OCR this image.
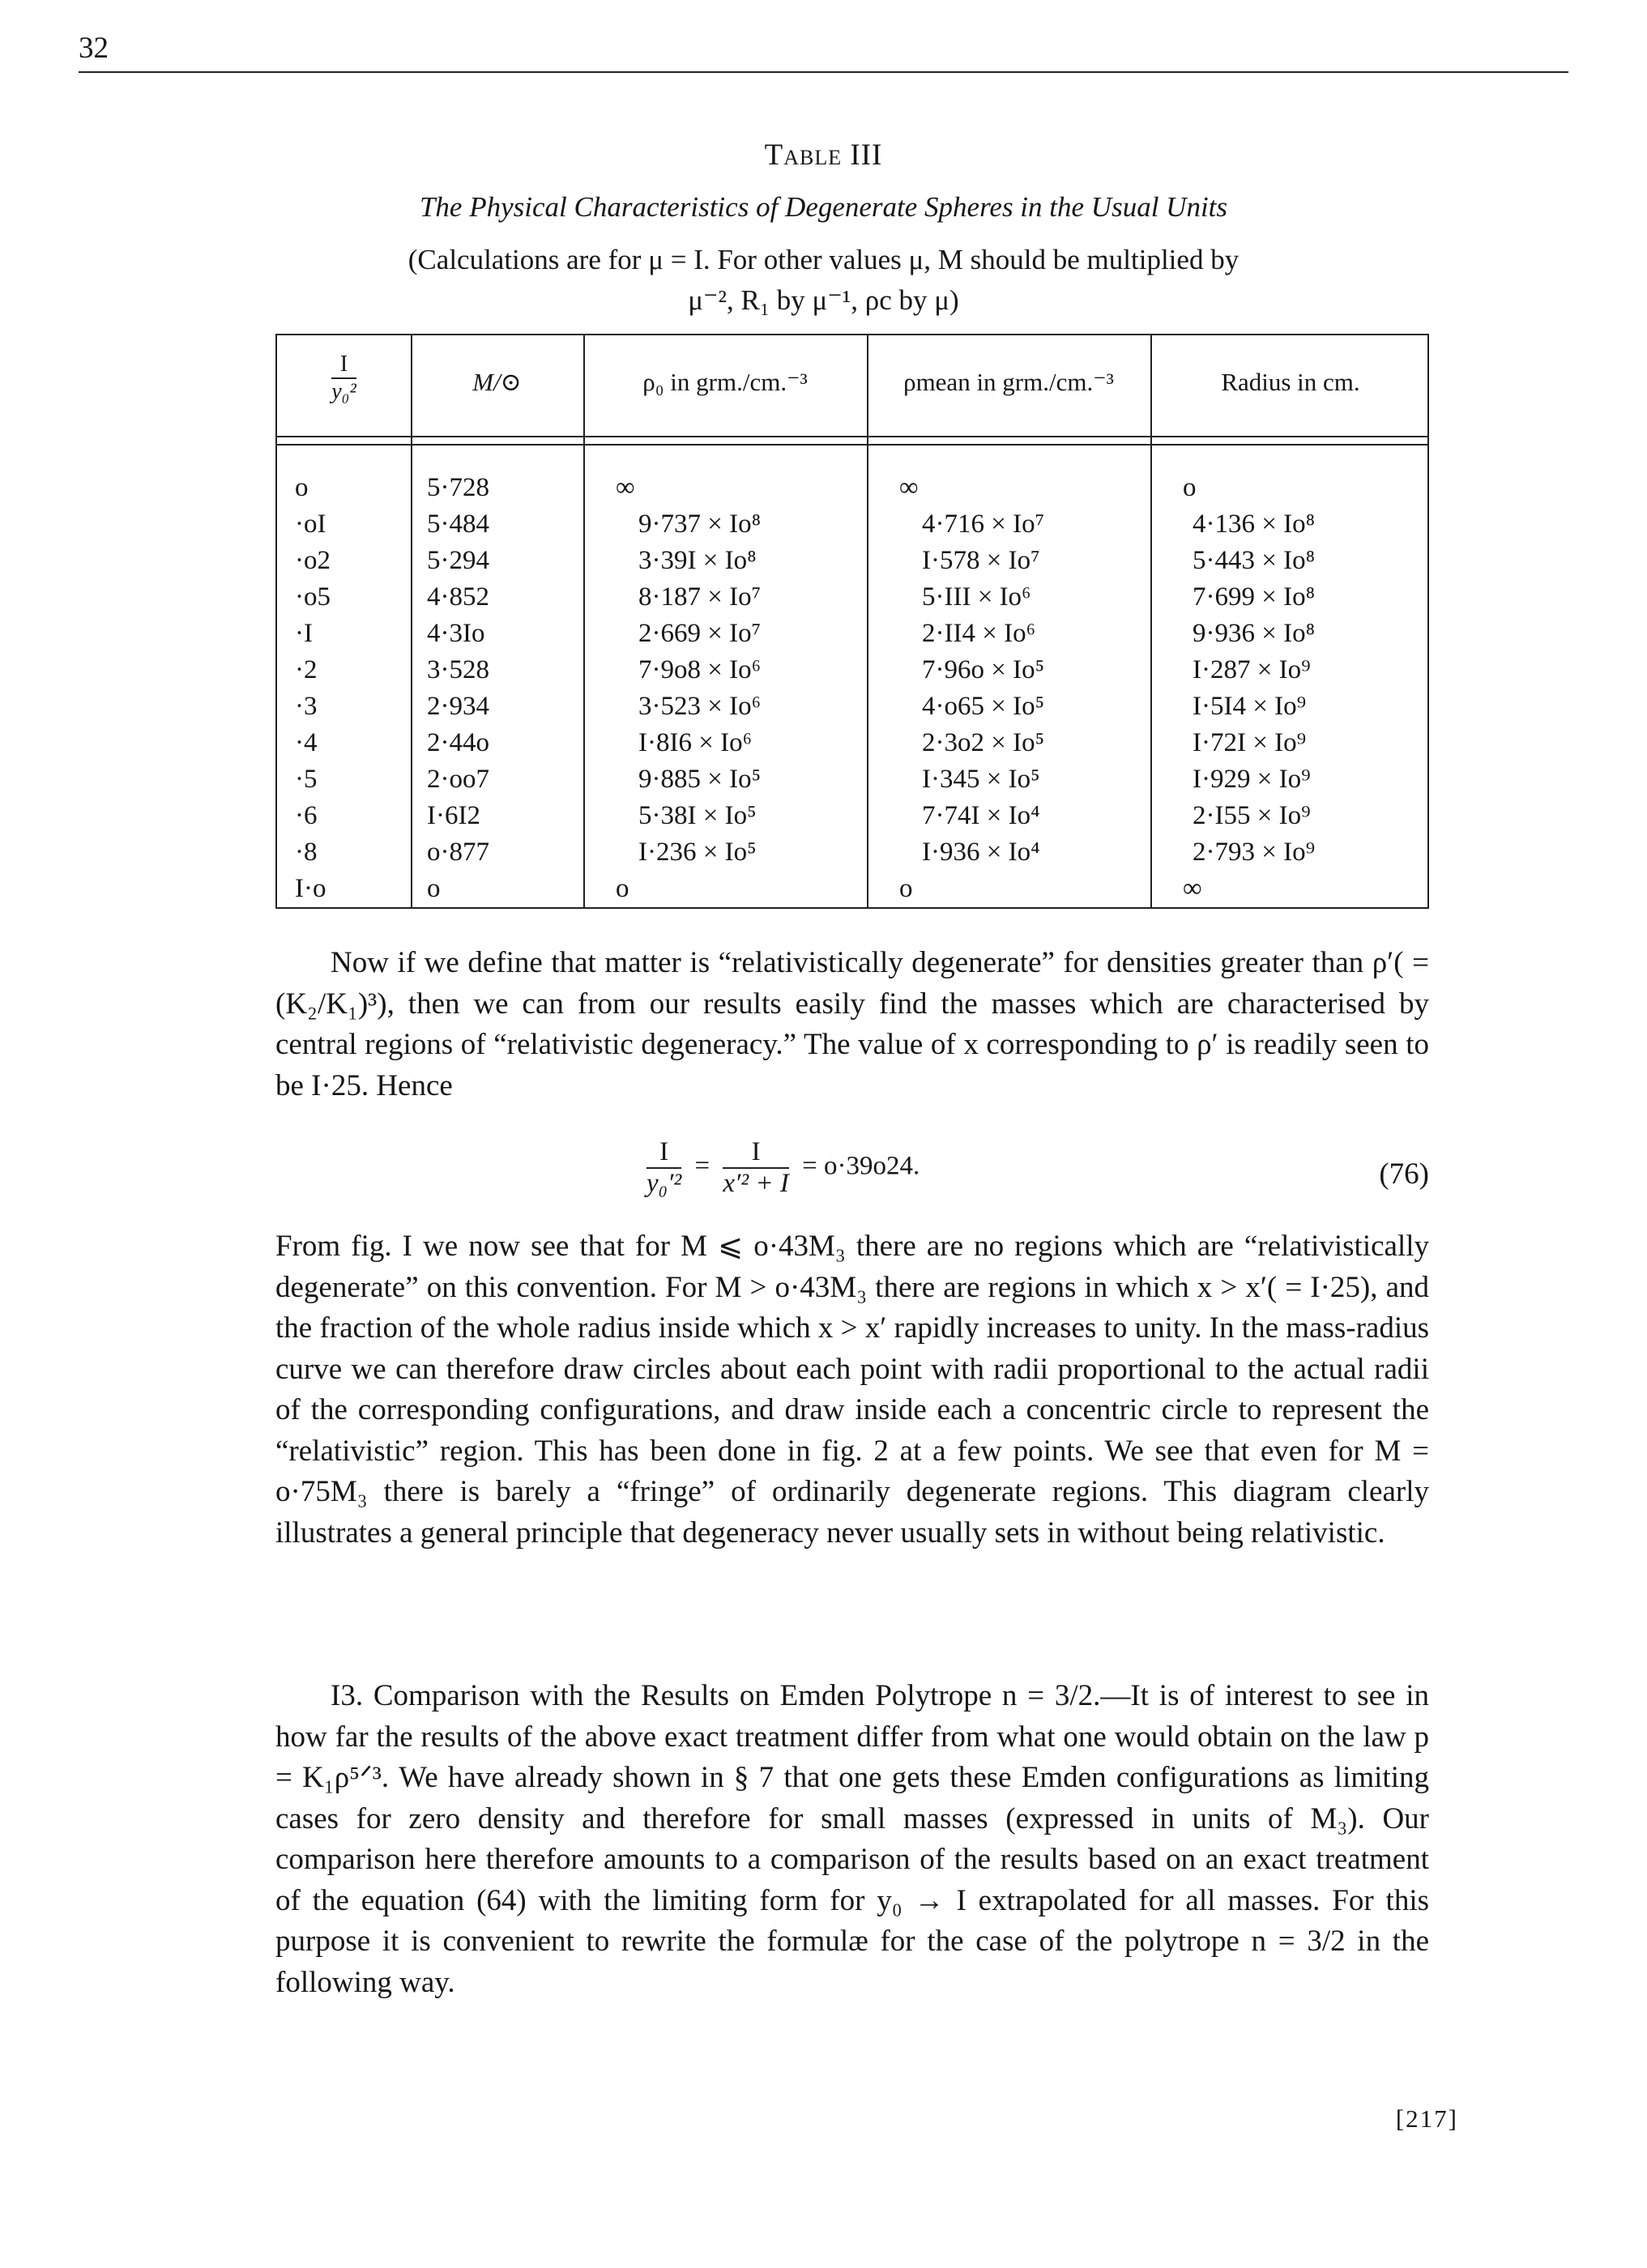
32
Table III
The Physical Characteristics of Degenerate Spheres in the Usual Units
(Calculations are for μ = I. For other values μ, M should be multiplied by
μ⁻², R₁ by μ⁻¹, ρc by μ)
$\frac{I}{\text{y₀²}}$	M/⊙	ρ₀ in grm./cm.⁻³	ρmean in grm./cm.⁻³	Radius in cm.
o	5·728	∞	∞	o
·oI	5·484	9·737 × Io⁸	4·716 × Io⁷	4·136 × Io⁸
·o2	5·294	3·39I × Io⁸	I·578 × Io⁷	5·443 × Io⁸
·o5	4·852	8·187 × Io⁷	5·III × Io⁶	7·699 × Io⁸
·I	4·3Io	2·669 × Io⁷	2·II4 × Io⁶	9·936 × Io⁸
·2	3·528	7·9o8 × Io⁶	7·96o × Io⁵	I·287 × Io⁹
·3	2·934	3·523 × Io⁶	4·o65 × Io⁵	I·5I4 × Io⁹
·4	2·44o	I·8I6 × Io⁶	2·3o2 × Io⁵	I·72I × Io⁹
·5	2·oo7	9·885 × Io⁵	I·345 × Io⁵	I·929 × Io⁹
·6	I·6I2	5·38I × Io⁵	7·74I × Io⁴	2·I55 × Io⁹
·8	o·877	I·236 × Io⁵	I·936 × Io⁴	2·793 × Io⁹
I·o	o	o	o	∞

Now if we define that matter is “relativistically degenerate” for densities greater than ρ′( = (K₂/K₁)³), then we can from our results easily find the masses which are characterised by central regions of “relativistic degeneracy.” The value of x corresponding to ρ′ is readily seen to be I·25. Hence

$\frac{I}{\text{y₀′²}} = \frac{I}{\text{x′² + I}} = o\cdot 39o24$.	(76)

From fig. I we now see that for M ⩽ o·43M₃ there are no regions which are “relativistically degenerate” on this convention. For M > o·43M₃ there are regions in which x > x′( = I·25), and the fraction of the whole radius inside which x > x′ rapidly increases to unity. In the mass-radius curve we can therefore draw circles about each point with radii proportional to the actual radii of the corresponding configurations, and draw inside each a concentric circle to represent the “relativistic” region. This has been done in fig. 2 at a few points. We see that even for M = o·75M₃ there is barely a “fringe” of ordinarily degenerate regions. This diagram clearly illustrates a general principle that degeneracy never usually sets in without being relativistic.

I3. Comparison with the Results on Emden Polytrope n = 3/2.—It is of interest to see in how far the results of the above exact treatment differ from what one would obtain on the law p = K₁ρ⁵ᐟ³. We have already shown in § 7 that one gets these Emden configurations as limiting cases for zero density and therefore for small masses (expressed in units of M₃). Our comparison here therefore amounts to a comparison of the results based on an exact treatment of the equation (64) with the limiting form for y₀ → I extrapolated for all masses. For this purpose it is convenient to rewrite the formulæ for the case of the polytrope n = 3/2 in the following way.

[217]
